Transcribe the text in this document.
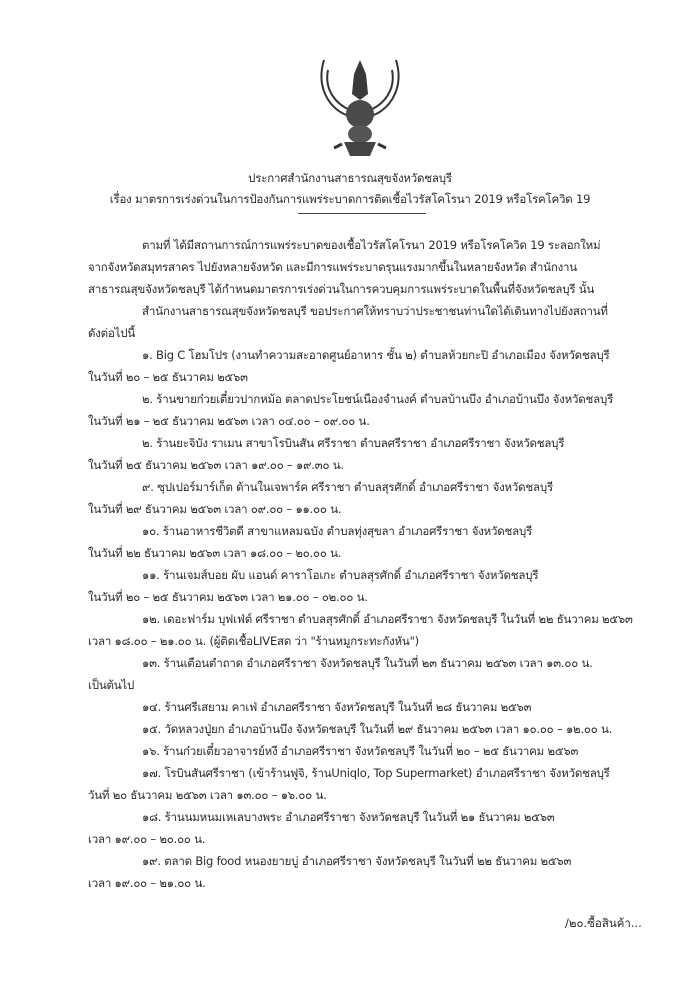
ประกาศสำนักงานสาธารณสุขจังหวัดชลบุรี
เรื่อง มาตรการเร่งด่วนในการป้องกันการแพร่ระบาดการติดเชื้อไวรัสโคโรนา 2019 หรือโรคโควิด 19
ตามที่ ได้มีสถานการณ์การแพร่ระบาดของเชื้อไวรัสโคโรนา 2019 หรือโรคโควิด 19 ระลอกใหม่
จากจังหวัดสมุทรสาคร ไปยังหลายจังหวัด และมีการแพร่ระบาดรุนแรงมากขึ้นในหลายจังหวัด สำนักงาน
สาธารณสุขจังหวัดชลบุรี ได้กำหนดมาตรการเร่งด่วนในการควบคุมการแพร่ระบาดในพื้นที่จังหวัดชลบุรี นั้น
สำนักงานสาธารณสุขจังหวัดชลบุรี ขอประกาศให้ทราบว่าประชาชนท่านใดได้เดินทางไปยังสถานที่
ดังต่อไปนี้
๑. Big C โฮมโปร (งานทำความสะอาดศูนย์อาหาร ชั้น ๒) ตำบลห้วยกะปิ อำเภอเมือง จังหวัดชลบุรี
ในวันที่ ๒๐ – ๒๕ ธันวาคม ๒๕๖๓
๒. ร้านขายก๋วยเตี๋ยวปากหม้อ ตลาดประโยชน์เนืองจำนงค์ ตำบลบ้านบึง อำเภอบ้านบึง จังหวัดชลบุรี
ในวันที่ ๒๑ – ๒๕ ธันวาคม ๒๕๖๓ เวลา ๐๔.๐๐ – ๐๙.๐๐ น.
๒. ร้านยะจิบัง ราเมน สาขาโรบินสัน ศรีราชา ตำบลศรีราชา อำเภอศรีราชา จังหวัดชลบุรี
ในวันที่ ๒๕ ธันวาคม ๒๕๖๓ เวลา ๑๙.๐๐ – ๑๙.๓๐ น.
๙. ซุปเปอร์มาร์เก็ต ด้านในเจพาร์ค ศรีราชา ตำบลสุรศักดิ์ อำเภอศรีราชา จังหวัดชลบุรี
ในวันที่ ๒๙ ธันวาคม ๒๕๖๓ เวลา ๐๙.๐๐ – ๑๑.๐๐ น.
๑๐. ร้านอาหารชีวิตดี สาขาแหลมฉบัง ตำบลทุ่งสุขลา อำเภอศรีราชา จังหวัดชลบุรี
ในวันที่ ๒๒ ธันวาคม ๒๕๖๓ เวลา ๑๘.๐๐ – ๒๐.๐๐ น.
๑๑. ร้านเจมส์บอย ผับ แอนด์ คาราโอเกะ ตำบลสุรศักดิ์ อำเภอศรีราชา จังหวัดชลบุรี
ในวันที่ ๒๐ – ๒๕ ธันวาคม ๒๕๖๓ เวลา ๒๑.๐๐ – ๐๒.๐๐ น.
๑๒. เดอะฟาร์ม บุฟเฟ่ต์ ศรีราชา ตำบลสุรศักดิ์ อำเภอศรีราชา จังหวัดชลบุรี ในวันที่ ๒๒ ธันวาคม ๒๕๖๓
เวลา ๑๘.๐๐ – ๒๑.๐๐ น. (ผู้ติดเชื้อLIVEสด ว่า "ร้านหมูกระทะกังหัน")
๑๓. ร้านเตือนตำถาด อำเภอศรีราชา จังหวัดชลบุรี ในวันที่ ๒๓ ธันวาคม ๒๕๖๓ เวลา ๑๓.๐๐ น.
เป็นต้นไป
๑๔. ร้านศรีเสยาม คาเฟ่ อำเภอศรีราชา จังหวัดชลบุรี ในวันที่ ๒๘ ธันวาคม ๒๕๖๓
๑๕. วัดหลวงปู่ยก อำเภอบ้านบึง จังหวัดชลบุรี ในวันที่ ๒๙ ธันวาคม ๒๕๖๓ เวลา ๑๐.๐๐ – ๑๒.๐๐ น.
๑๖. ร้านก๋วยเตี๋ยวอาจารย์หงี อำเภอศรีราชา จังหวัดชลบุรี ในวันที่ ๒๐ – ๒๕ ธันวาคม ๒๕๖๓
๑๗. โรบินสันศรีราชา (เข้าร้านฟูจิ, ร้านUniqlo, Top Supermarket) อำเภอศรีราชา จังหวัดชลบุรี
วันที่ ๒๐ ธันวาคม ๒๕๖๓ เวลา ๑๓.๐๐ – ๑๖.๐๐ น.
๑๘. ร้านนมหนมเหเลบางพระ อำเภอศรีราชา จังหวัดชลบุรี ในวันที่ ๒๑ ธันวาคม ๒๕๖๓
เวลา ๑๙.๐๐ – ๒๐.๐๐ น.
๑๙. ตลาด Big food หนองยายบู่ อำเภอศรีราชา จังหวัดชลบุรี ในวันที่ ๒๒ ธันวาคม ๒๕๖๓
เวลา ๑๙.๐๐ – ๒๑.๐๐ น.
/๒๐.ซื้อสินค้า...
